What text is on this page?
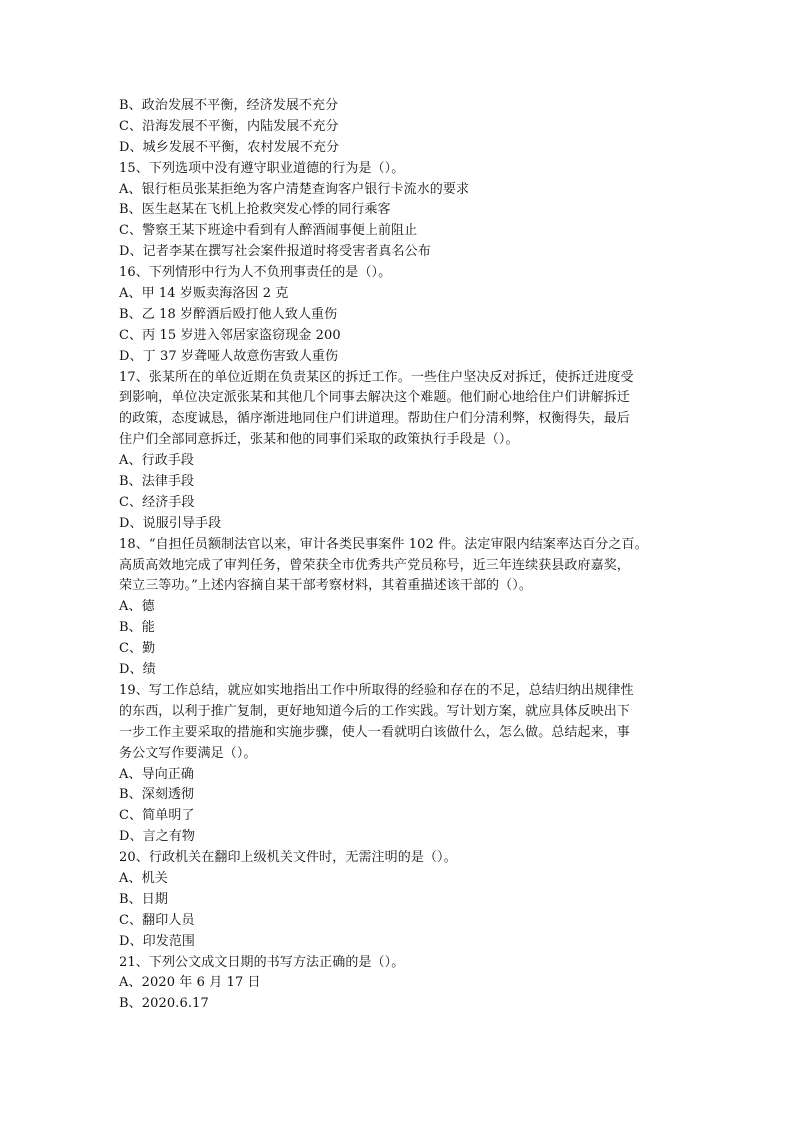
B、政治发展不平衡，经济发展不充分
C、沿海发展不平衡，内陆发展不充分
D、城乡发展不平衡，农村发展不充分
15、下列选项中没有遵守职业道德的行为是（）。
A、银行柜员张某拒绝为客户清楚查询客户银行卡流水的要求
B、医生赵某在飞机上抢救突发心悸的同行乘客
C、警察王某下班途中看到有人醉酒闹事便上前阻止
D、记者李某在撰写社会案件报道时将受害者真名公布
16、下列情形中行为人不负刑事责任的是（）。
A、甲 14 岁贩卖海洛因 2 克
B、乙 18 岁醉酒后殴打他人致人重伤
C、丙 15 岁进入邻居家盗窃现金 200
D、丁 37 岁聋哑人故意伤害致人重伤
17、张某所在的单位近期在负责某区的拆迁工作。一些住户坚决反对拆迁，使拆迁进度受
到影响，单位决定派张某和其他几个同事去解决这个难题。他们耐心地给住户们讲解拆迁
的政策，态度诚恳，循序渐进地同住户们讲道理。帮助住户们分清利弊，权衡得失，最后
住户们全部同意拆迁，张某和他的同事们采取的政策执行手段是（）。
A、行政手段
B、法律手段
C、经济手段
D、说服引导手段
18、“自担任员额制法官以来，审计各类民事案件 102 件。法定审限内结案率达百分之百。
高质高效地完成了审判任务，曾荣获全市优秀共产党员称号，近三年连续获县政府嘉奖，
荣立三等功。”上述内容摘自某干部考察材料，其着重描述该干部的（）。
A、德
B、能
C、勤
D、绩
19、写工作总结，就应如实地指出工作中所取得的经验和存在的不足，总结归纳出规律性
的东西，以利于推广复制，更好地知道今后的工作实践。写计划方案，就应具体反映出下
一步工作主要采取的措施和实施步骤，使人一看就明白该做什么，怎么做。总结起来，事
务公文写作要满足（）。
A、导向正确
B、深刻透彻
C、简单明了
D、言之有物
20、行政机关在翻印上级机关文件时，无需注明的是（）。
A、机关
B、日期
C、翻印人员
D、印发范围
21、下列公文成文日期的书写方法正确的是（）。
A、2020 年 6 月 17 日
B、2020.6.17
